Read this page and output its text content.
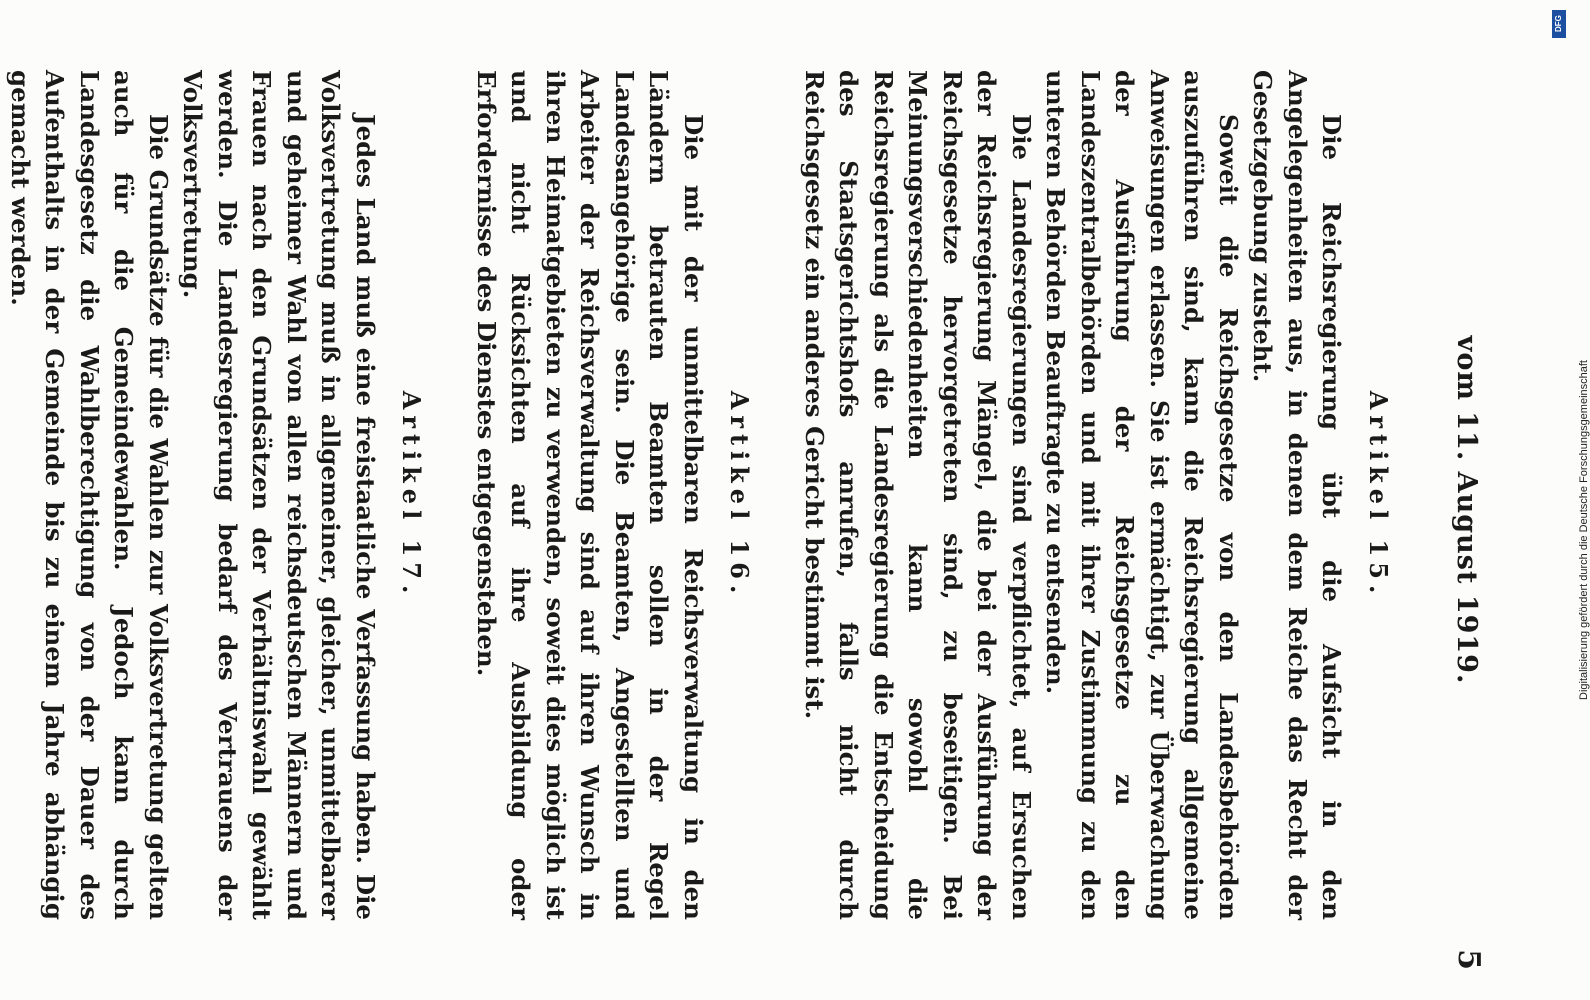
vom 11. August 1919.
5
Artikel 15.

Die Reichsregierung übt die Aufsicht in den Angelegenheiten aus, in denen dem Reiche das Recht der Gesetzgebung zusteht.

Soweit die Reichsgesetze von den Landesbehörden auszuführen sind, kann die Reichsregierung allgemeine Anweisungen erlassen. Sie ist ermächtigt, zur Überwachung der Ausführung der Reichsgesetze zu den Landeszentralbehörden und mit ihrer Zustimmung zu den unteren Behörden Beauftragte zu entsenden.

Die Landesregierungen sind verpflichtet, auf Ersuchen der Reichsregierung Mängel, die bei der Ausführung der Reichsgesetze hervorgetreten sind, zu beseitigen. Bei Meinungsverschiedenheiten kann sowohl die Reichsregierung als die Landesregierung die Entscheidung des Staatsgerichtshofs anrufen, falls nicht durch Reichsgesetz ein anderes Gericht bestimmt ist.

Artikel 16.

Die mit der unmittelbaren Reichsverwaltung in den Ländern betrauten Beamten sollen in der Regel Landesangehörige sein. Die Beamten, Angestellten und Arbeiter der Reichsverwaltung sind auf ihren Wunsch in ihren Heimatgebieten zu verwenden, soweit dies möglich ist und nicht Rücksichten auf ihre Ausbildung oder Erfordernisse des Dienstes entgegenstehen.

Artikel 17.

Jedes Land muß eine freistaatliche Verfassung haben. Die Volksvertretung muß in allgemeiner, gleicher, unmittelbarer und geheimer Wahl von allen reichsdeutschen Männern und Frauen nach den Grundsätzen der Verhältniswahl gewählt werden. Die Landesregierung bedarf des Vertrauens der Volksvertretung.

Die Grundsätze für die Wahlen zur Volksvertretung gelten auch für die Gemeindewahlen. Jedoch kann durch Landesgesetz die Wahlberechtigung von der Dauer des Aufenthalts in der Gemeinde bis zu einem Jahre abhängig gemacht werden.

Digitalisierung gefördert durch die Deutsche Forschungsgemeinschaft
DFG
